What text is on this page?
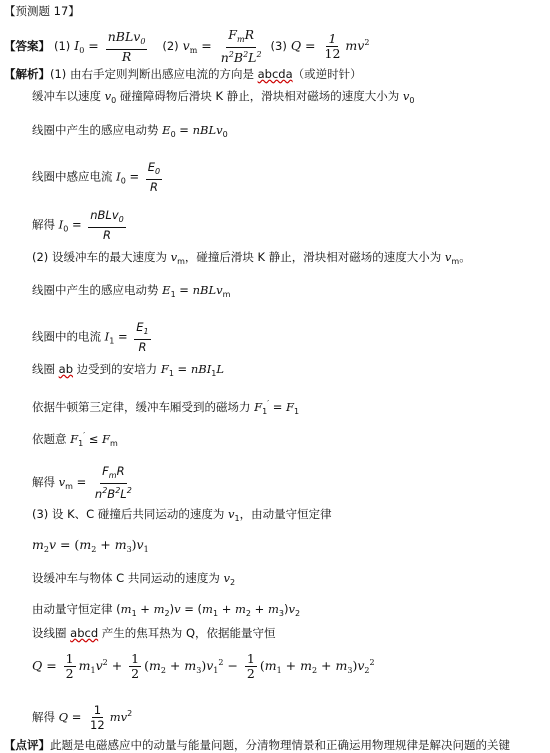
【预测题 17】
【答案】 (1) $I_0 = \frac{nBLv_0}{R} (2) v_m = \frac{F_mR}{n^2B^2L^2} (3) Q = \frac{1}{12} mv^2$
【解析】(1) 由右手定则判断出感应电流的方向是 abcda（或逆时针）
缓冲车以速度 $v_0$ 碰撞障碍物后滑块 K 静止，滑块相对磁场的速度大小为 $v_0$
线圈中产生的感应电动势 $E_0$ = nBLv$_0$
线圈中感应电流 $I_0 = \frac{E_0}{R}$
解得 $I_0 = \frac{nBLv_0}{R}$
(2) 设缓冲车的最大速度为 $v_m$，碰撞后滑块 K 静止，滑块相对磁场的速度大小为 $v_m$。
线圈中产生的感应电动势 $E_1$ = nBLv$_m$
线圈中的电流 $I_1 = \frac{E_1}{R}$
线圈 ab 边受到的安培力 $F_1 = nBI_1L$
依据牛顿第三定律，缓冲车厢受到的磁场力 $F_1' = F_1$
依题意 $F_1' \le F_m$
解得 $v_m = \frac{F_mR}{n^2B^2L^2}$
(3) 设 K、C 碰撞后共同运动的速度为 $v_1$，由动量守恒定律
$m_2v = (m_2 + m_3)v_1$
设缓冲车与物体 C 共同运动的速度为 $v_2$
由动量守恒定律 $(m_1 + m_2)v = (m_1 + m_2 + m_3)v_2$
设线圈 abcd 产生的焦耳热为 Q，依据能量守恒
$Q = \frac{1}{2} m_1v^2 + \frac{1}{2} (m_2 + m_3)v_1^2 - \frac{1}{2} (m_1 + m_2 + m_3)v_2^2$
解得 $Q = \frac{1}{12} mv^2$
【点评】此题是电磁感应中的动量与能量问题，分清物理情景和正确运用物理规律是解决问题的关键
